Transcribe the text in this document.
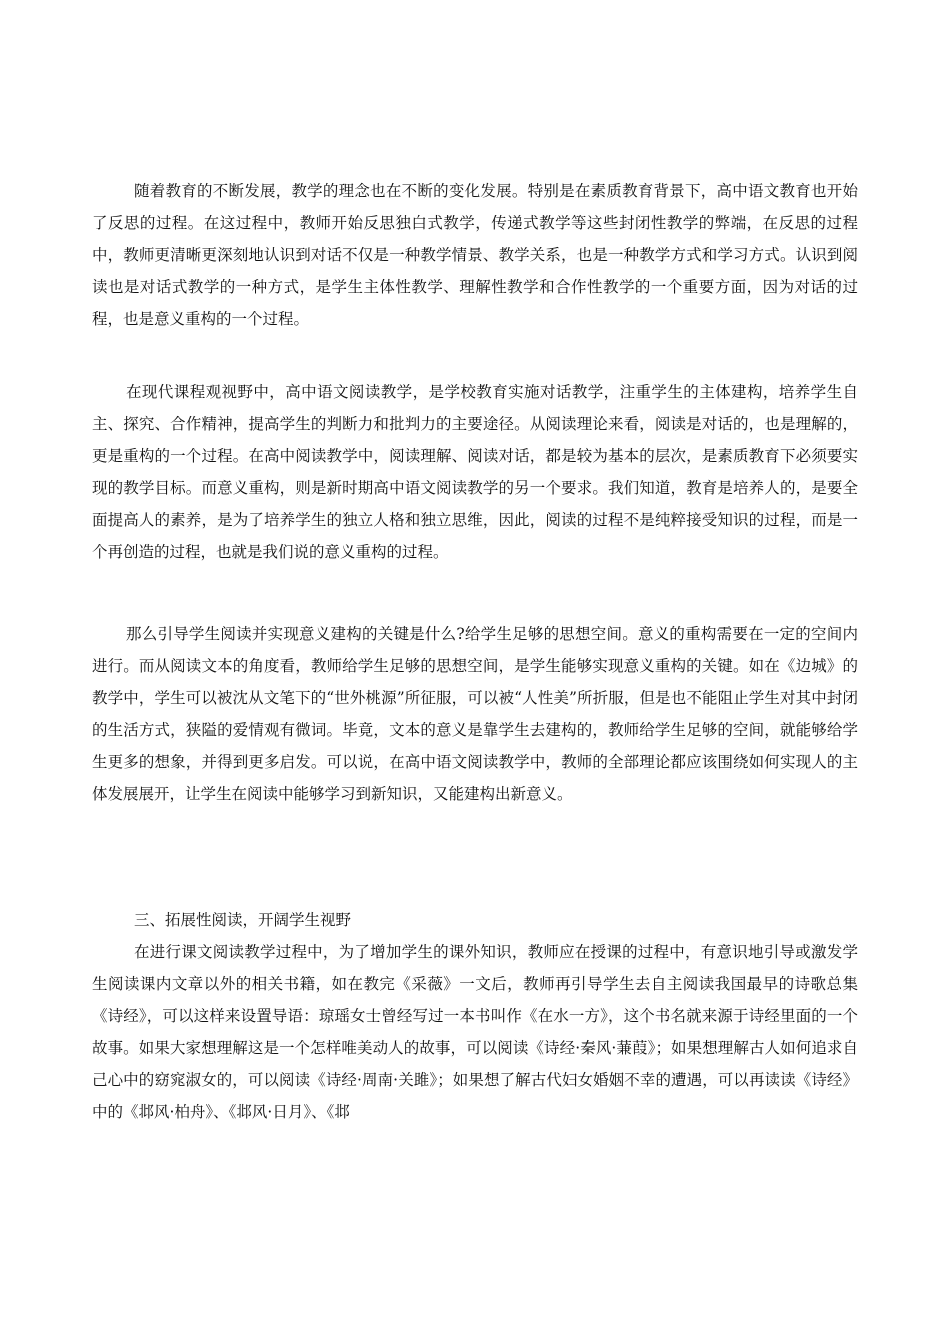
随着教育的不断发展，教学的理念也在不断的变化发展。特别是在素质教育背景下，高中语文教育也开始了反思的过程。在这过程中，教师开始反思独白式教学，传递式教学等这些封闭性教学的弊端，在反思的过程中，教师更清晰更深刻地认识到对话不仅是一种教学情景、教学关系，也是一种教学方式和学习方式。认识到阅读也是对话式教学的一种方式，是学生主体性教学、理解性教学和合作性教学的一个重要方面，因为对话的过程，也是意义重构的一个过程。

在现代课程观视野中，高中语文阅读教学，是学校教育实施对话教学，注重学生的主体建构，培养学生自主、探究、合作精神，提高学生的判断力和批判力的主要途径。从阅读理论来看，阅读是对话的，也是理解的，更是重构的一个过程。在高中阅读教学中，阅读理解、阅读对话，都是较为基本的层次，是素质教育下必须要实现的教学目标。而意义重构，则是新时期高中语文阅读教学的另一个要求。我们知道，教育是培养人的，是要全面提高人的素养，是为了培养学生的独立人格和独立思维，因此，阅读的过程不是纯粹接受知识的过程，而是一个再创造的过程，也就是我们说的意义重构的过程。

那么引导学生阅读并实现意义建构的关键是什么?给学生足够的思想空间。意义的重构需要在一定的空间内进行。而从阅读文本的角度看，教师给学生足够的思想空间，是学生能够实现意义重构的关键。如在《边城》的教学中，学生可以被沈从文笔下的“世外桃源”所征服，可以被“人性美”所折服，但是也不能阻止学生对其中封闭的生活方式，狭隘的爱情观有微词。毕竟，文本的意义是靠学生去建构的，教师给学生足够的空间，就能够给学生更多的想象，并得到更多启发。可以说，在高中语文阅读教学中，教师的全部理论都应该围绕如何实现人的主体发展展开，让学生在阅读中能够学习到新知识，又能建构出新意义。

三、拓展性阅读，开阔学生视野

在进行课文阅读教学过程中，为了增加学生的课外知识，教师应在授课的过程中，有意识地引导或激发学生阅读课内文章以外的相关书籍，如在教完《采薇》一文后，教师再引导学生去自主阅读我国最早的诗歌总集《诗经》，可以这样来设置导语：琼瑶女士曾经写过一本书叫作《在水一方》，这个书名就来源于诗经里面的一个故事。如果大家想理解这是一个怎样唯美动人的故事，可以阅读《诗经·秦风·蒹葭》；如果想理解古人如何追求自己心中的窈窕淑女的，可以阅读《诗经·周南·关雎》；如果想了解古代妇女婚姻不幸的遭遇，可以再读读《诗经》中的《邶风·柏舟》、《邶风·日月》、《邶
